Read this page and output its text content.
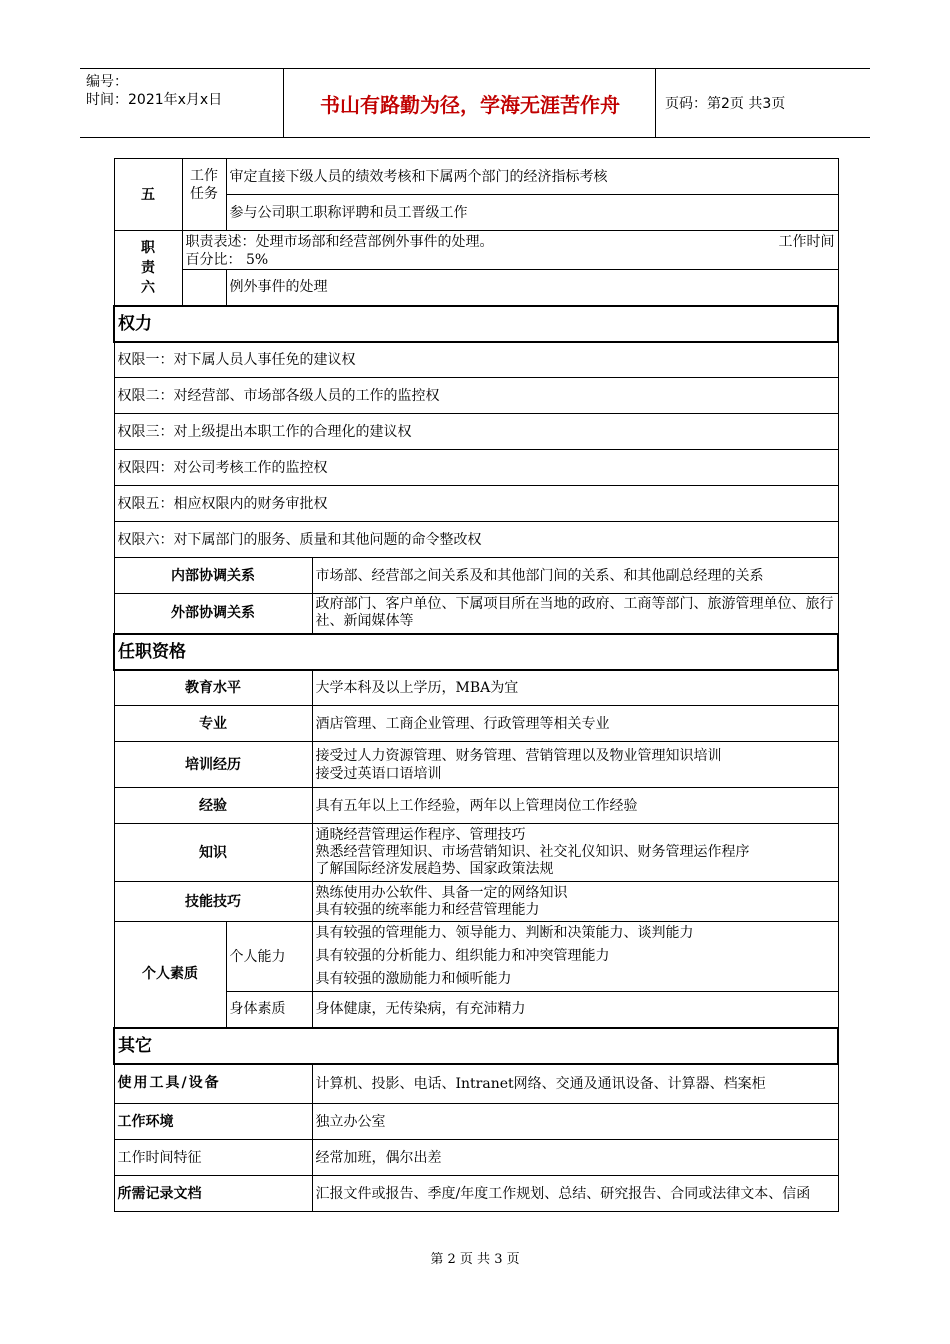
编号：
时间：2021年x月x日	书山有路勤为径，学海无涯苦作舟	页码：第2页 共3页
五	工作任务	审定直接下级人员的绩效考核和下属两个部门的经济指标考核	
		参与公司职工职称评聘和员工晋级工作	
职责六	职责表述：处理市场部和经营部例外事件的处理。 工作时间
百分比： 5%		

		例外事件的处理	
权力			
权限一：对下属人员人事任免的建议权			
权限二：对经营部、市场部各级人员的工作的监控权			
权限三：对上级提出本职工作的合理化的建议权			
权限四：对公司考核工作的监控权			
权限五：相应权限内的财务审批权			
权限六：对下属部门的服务、质量和其他问题的命令整改权			
内部协调关系			市场部、经营部之间关系及和其他部门间的关系、和其他副总经理的关系
外部协调关系			政府部门、客户单位、下属项目所在当地的政府、工商等部门、旅游管理单位、旅行社、新闻媒体等
任职资格			
教育水平			大学本科及以上学历，MBA为宜
专业			酒店管理、工商企业管理、行政管理等相关专业
培训经历			接受过人力资源管理、财务管理、营销管理以及物业管理知识培训
接受过英语口语培训

经验			具有五年以上工作经验，两年以上管理岗位工作经验
知识			通晓经营管理运作程序、管理技巧
熟悉经营管理知识、市场营销知识、社交礼仪知识、财务管理运作程序
了解国际经济发展趋势、国家政策法规

技能技巧			熟练使用办公软件、具备一定的网络知识
具有较强的统率能力和经营管理能力

个人素质		个人能力	具有较强的管理能力、领导能力、判断和决策能力、谈判能力
具有较强的分析能力、组织能力和冲突管理能力
具有较强的激励能力和倾听能力

		身体素质	身体健康，无传染病，有充沛精力
其它			
使用工具/设备			计算机、投影、电话、Intranet网络、交通及通讯设备、计算器、档案柜
工作环境			独立办公室
工作时间特征			经常加班，偶尔出差
所需记录文档			汇报文件或报告、季度/年度工作规划、总结、研究报告、合同或法律文本、信函
第 2 页 共 3 页
